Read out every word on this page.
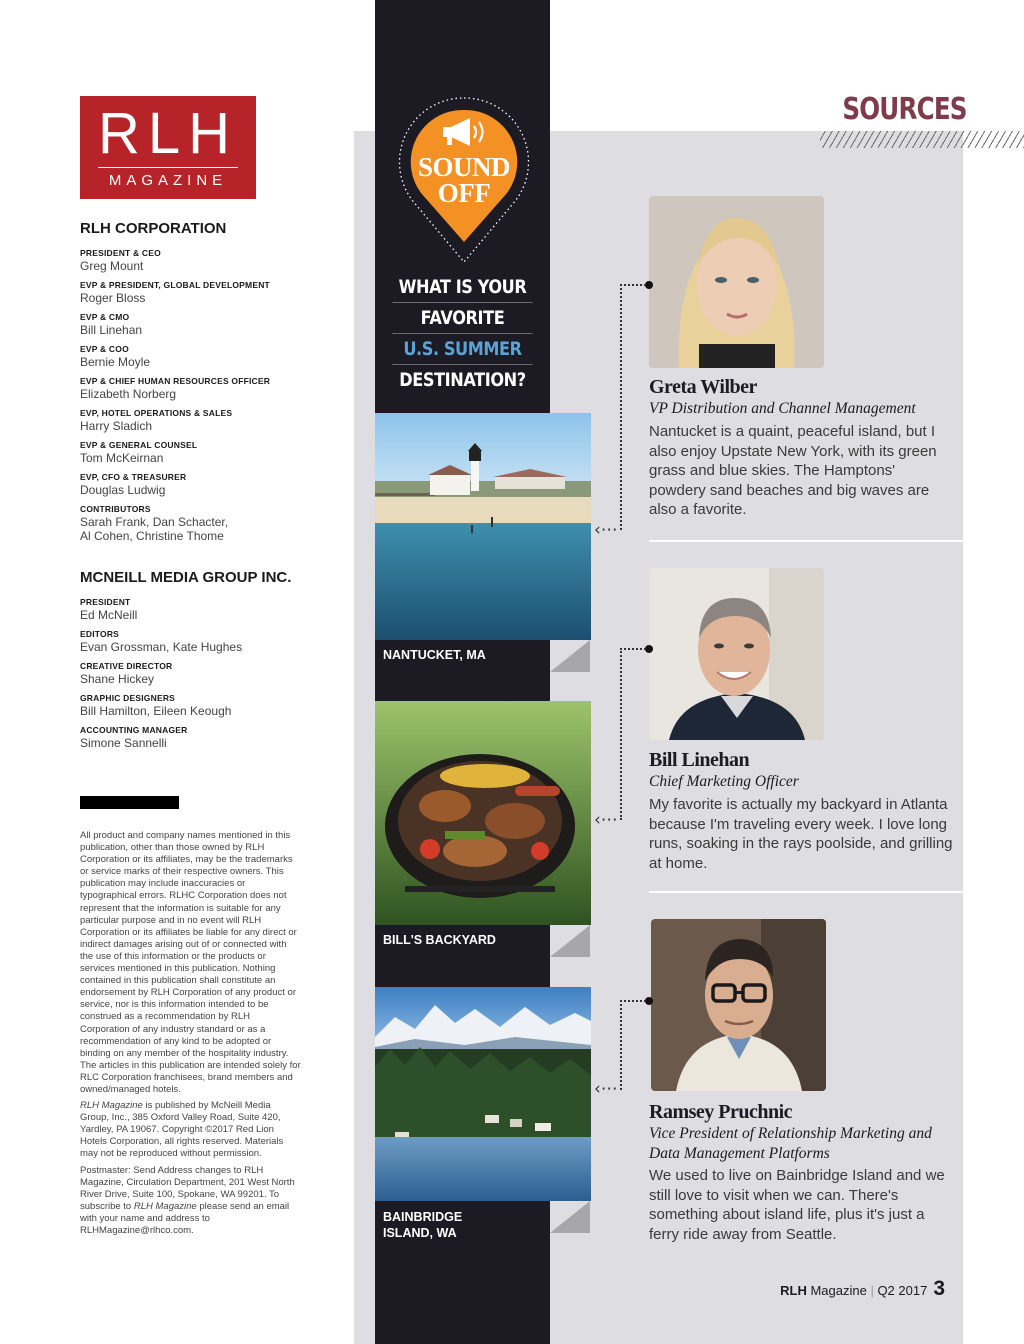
SOURCES
RLH
MAGAZINE
RLH CORPORATION
PRESIDENT & CEO
Greg Mount
EVP & PRESIDENT, GLOBAL DEVELOPMENT
Roger Bloss
EVP & CMO
Bill Linehan
EVP & COO
Bernie Moyle
EVP & CHIEF HUMAN RESOURCES OFFICER
Elizabeth Norberg
EVP, HOTEL OPERATIONS & SALES
Harry Sladich
EVP & GENERAL COUNSEL
Tom McKeirnan
EVP, CFO & TREASURER
Douglas Ludwig
CONTRIBUTORS
Sarah Frank, Dan Schacter,
Al Cohen, Christine Thome
MCNEILL MEDIA GROUP INC.
PRESIDENT
Ed McNeill
EDITORS
Evan Grossman, Kate Hughes
CREATIVE DIRECTOR
Shane Hickey
GRAPHIC DESIGNERS
Bill Hamilton, Eileen Keough
ACCOUNTING MANAGER
Simone Sannelli

All product and company names mentioned in this publication, other than those owned by RLH Corporation or its affiliates, may be the trademarks or service marks of their respective owners. This publication may include inaccuracies or typographical errors. RLHC Corporation does not represent that the information is suitable for any particular purpose and in no event will RLH Corporation or its affiliates be liable for any direct or indirect damages arising out of or connected with the use of this information or the products or services mentioned in this publication. Nothing contained in this publication shall constitute an endorsement by RLH Corporation of any product or service, nor is this information intended to be construed as a recommendation by RLH Corporation of any industry standard or as a recommendation of any kind to be adopted or binding on any member of the hospitality industry. The articles in this publication are intended solely for RLC Corporation franchisees, brand members and owned/managed hotels.

RLH Magazine is published by McNeill Media Group, Inc., 385 Oxford Valley Road, Suite 420, Yardley, PA 19067. Copyright ©2017 Red Lion Hotels Corporation, all rights reserved. Materials may not be reproduced without permission.

Postmaster: Send Address changes to RLH Magazine, Circulation Department, 201 West North River Drive, Suite 100, Spokane, WA 99201. To subscribe to RLH Magazine please send an email with your name and address to RLHMagazine@rlhco.com.

SOUND
OFF
WHAT IS YOUR
FAVORITE
U.S. SUMMER
DESTINATION?
NANTUCKET, MA
BILL'S BACKYARD
BAINBRIDGE
ISLAND, WA
Greta Wilber
VP Distribution and Channel Management
Nantucket is a quaint, peaceful island, but I also enjoy Upstate New York, with its green grass and blue skies. The Hamptons' powdery sand beaches and big waves are also a favorite.
‹⋯
Bill Linehan
Chief Marketing Officer
My favorite is actually my backyard in Atlanta because I'm traveling every week. I love long runs, soaking in the rays poolside, and grilling at home.
‹⋯
Ramsey Pruchnic
Vice President of Relationship Marketing and Data Management Platforms
We used to live on Bainbridge Island and we still love to visit when we can. There's something about island life, plus it's just a ferry ride away from Seattle.
‹⋯
RLH Magazine | Q2 2017 3
